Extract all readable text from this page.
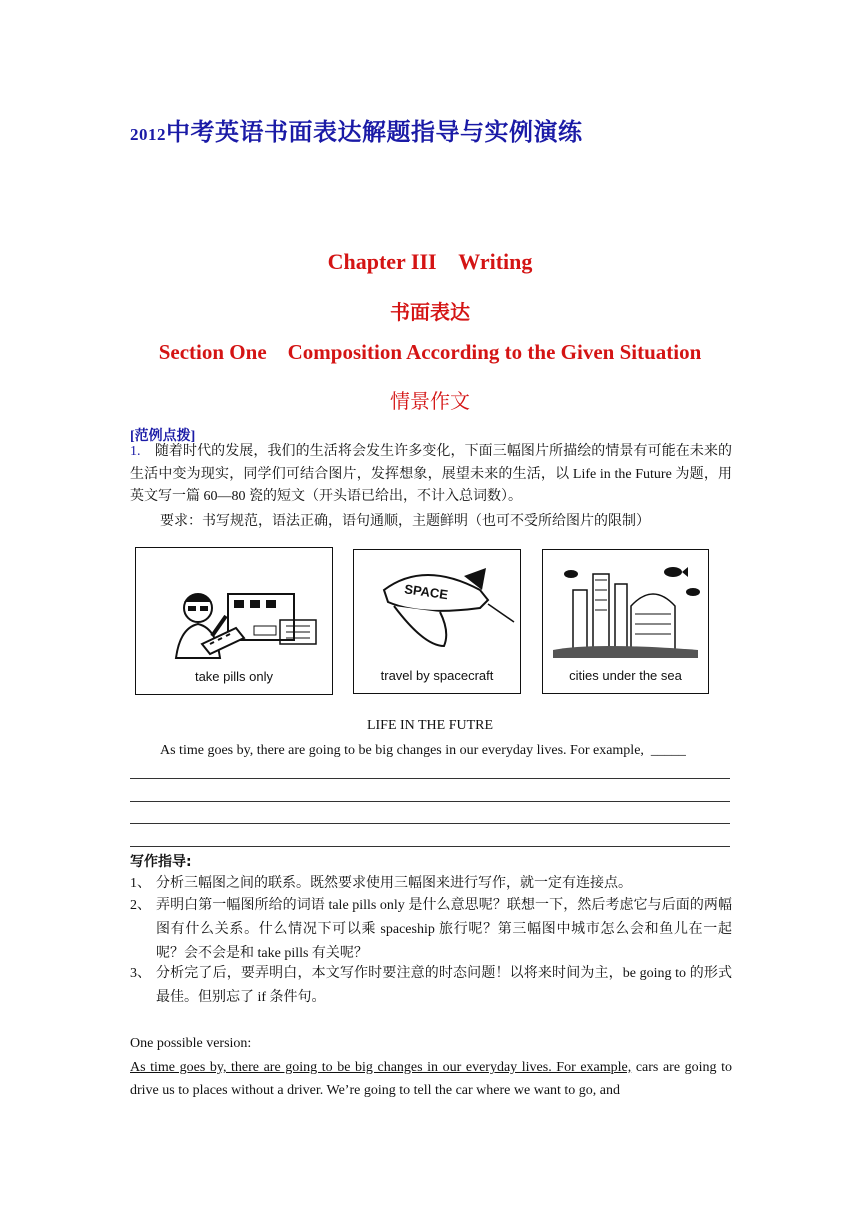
2012中考英语书面表达解题指导与实例演练
Chapter III    Writing
书面表达
Section One    Composition According to the Given Situation
情景作文
[范例点拨]
1. 随着时代的发展，我们的生活将会发生许多变化，下面三幅图片所描绘的情景有可能在未来的生活中变为现实，同学们可结合图片，发挥想象，展望未来的生活，以 Life in the Future 为题，用英文写一篇 60—80 瓷的短文（开头语已给出，不计入总词数）。
要求：书写规范，语法正确，语句通顺，主题鲜明（也可不受所给图片的限制）
take pills only
SPACE
travel by spacecraft	cities under the sea
LIFE IN THE FUTRE
As time goes by, there are going to be big changes in our everyday lives. For example,  _____
写作指导:
1、 分析三幅图之间的联系。既然要求使用三幅图来进行写作，就一定有连接点。
2、 弄明白第一幅图所给的词语 tale pills only 是什么意思呢？联想一下，然后考虑它与后面的两幅图有什么关系。什么情况下可以乘 spaceship 旅行呢？第三幅图中城市怎么会和鱼儿在一起呢？会不会是和 take pills 有关呢？
3、 分析完了后，要弄明白，本文写作时要注意的时态问题！以将来时间为主，be going to 的形式最佳。但别忘了 if 条件句。
One possible version:
As time goes by, there are going to be big changes in our everyday lives. For example, cars are going to drive us to places without a driver. We’re going to tell the car where we want to go, and
